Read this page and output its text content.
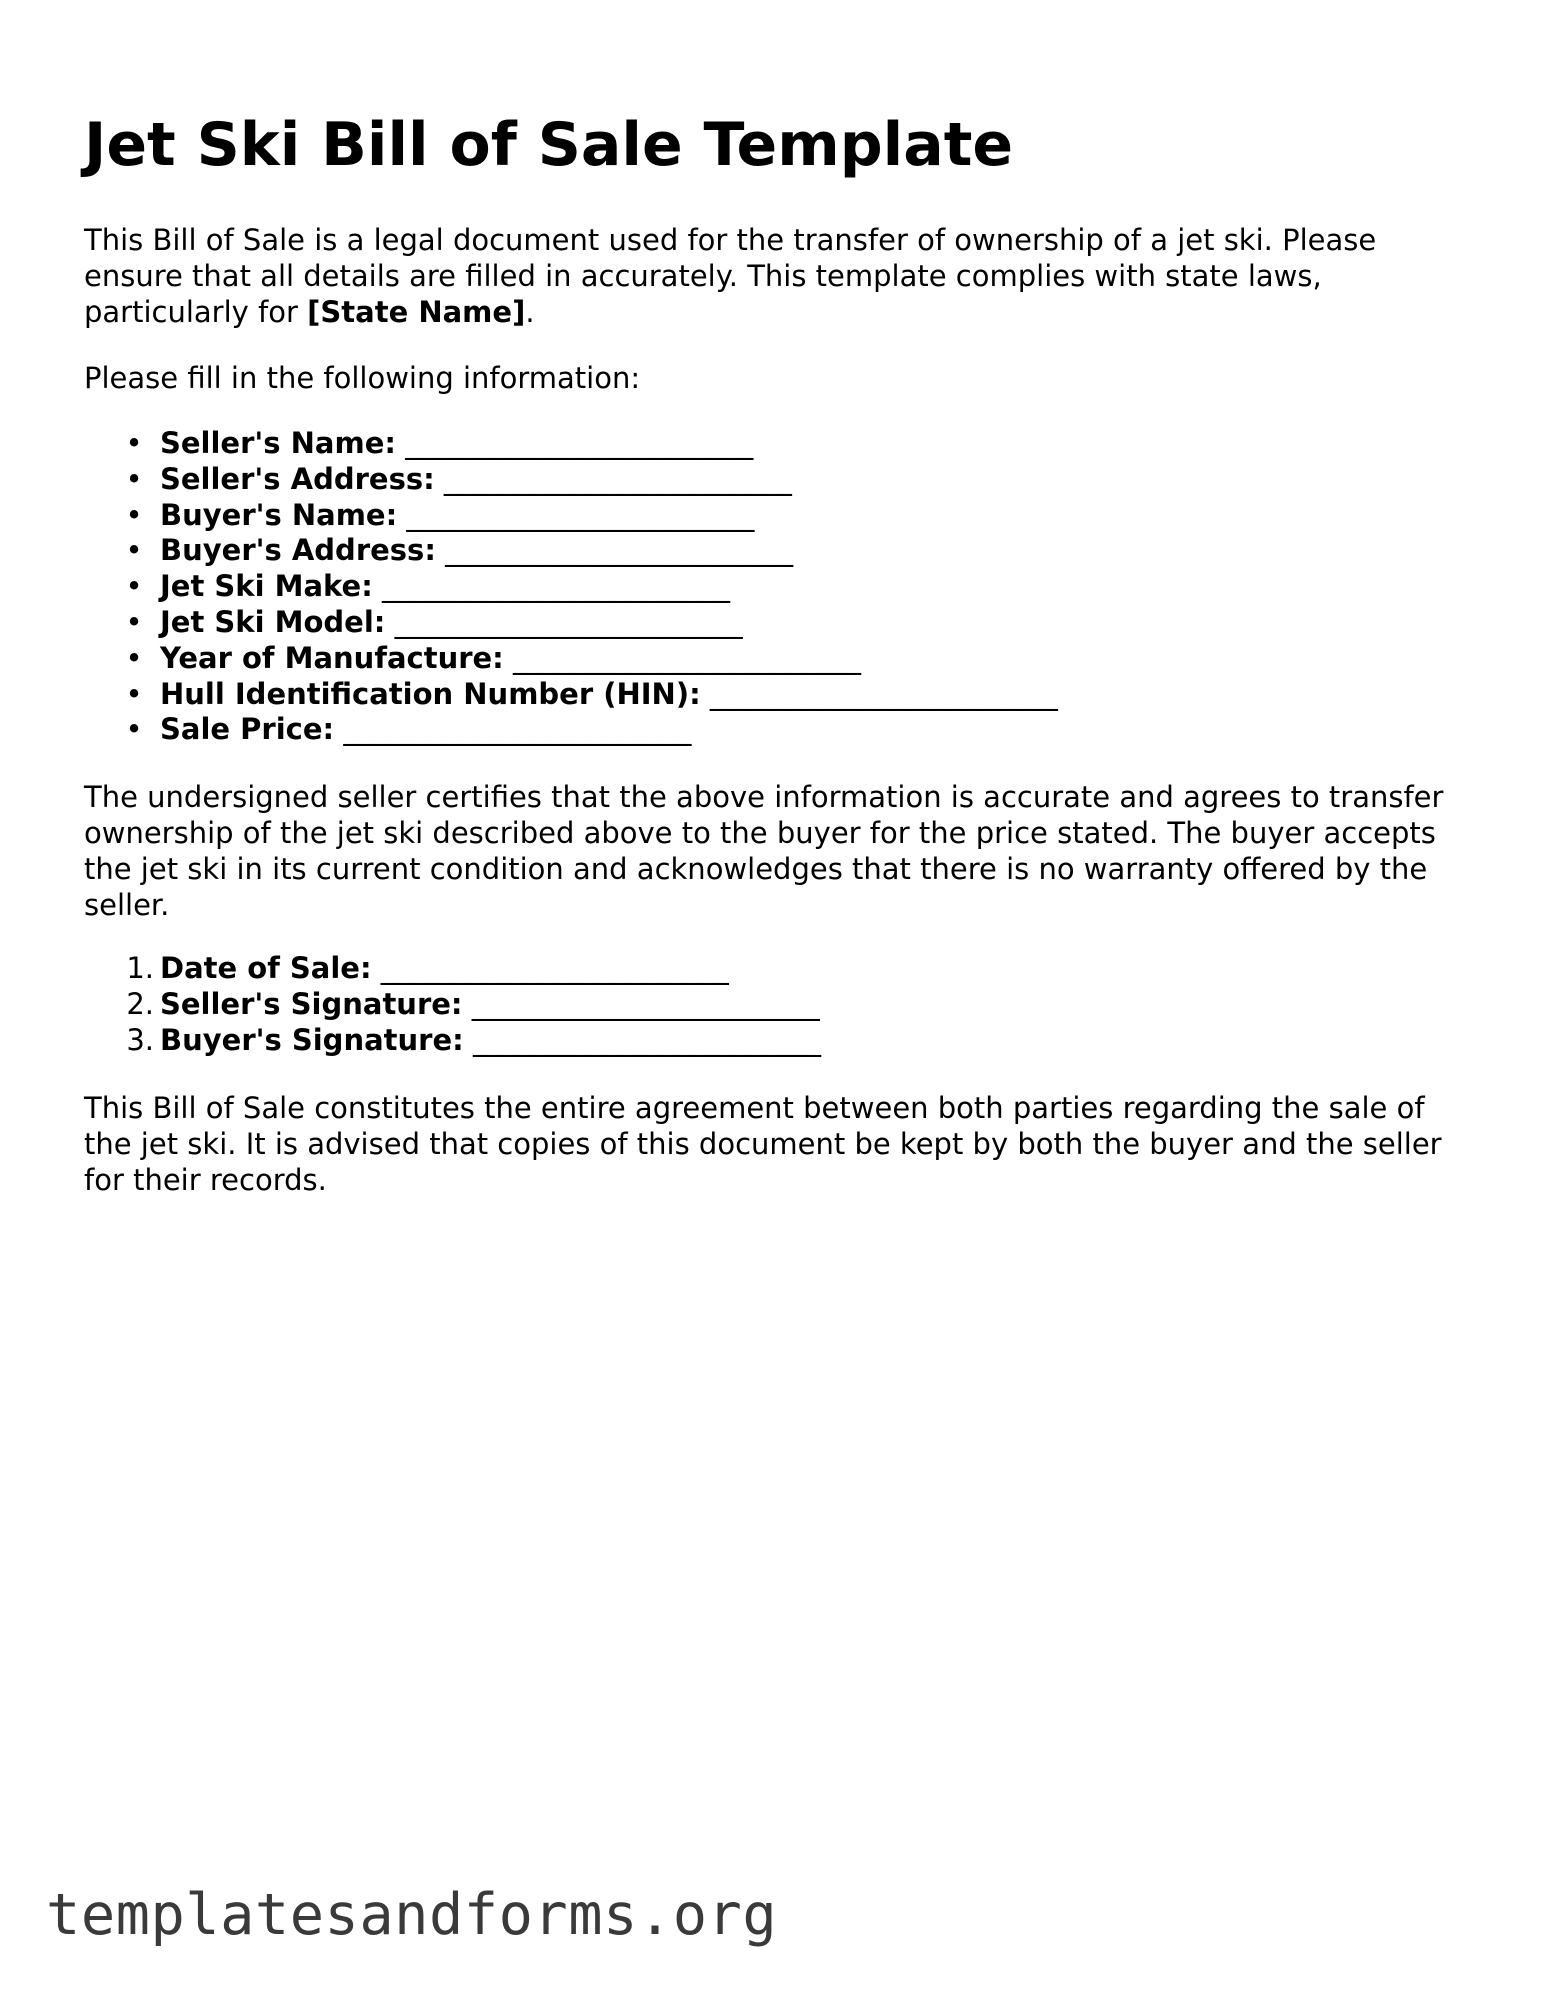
Jet Ski Bill of Sale Template

This Bill of Sale is a legal document used for the transfer of ownership of a jet ski. Please ensure that all details are filled in accurately. This template complies with state laws, particularly for [State Name].

Please fill in the following information:

• Seller's Name: ________________________
• Seller's Address: ________________________
• Buyer's Name: ________________________
• Buyer's Address: ________________________
• Jet Ski Make: ________________________
• Jet Ski Model: ________________________
• Year of Manufacture: ________________________
• Hull Identification Number (HIN): ________________________
• Sale Price: ________________________

The undersigned seller certifies that the above information is accurate and agrees to transfer ownership of the jet ski described above to the buyer for the price stated. The buyer accepts the jet ski in its current condition and acknowledges that there is no warranty offered by the seller.

1. Date of Sale: ________________________
2. Seller's Signature: ________________________
3. Buyer's Signature: ________________________

This Bill of Sale constitutes the entire agreement between both parties regarding the sale of the jet ski. It is advised that copies of this document be kept by both the buyer and the seller for their records.

templatesandforms.org
